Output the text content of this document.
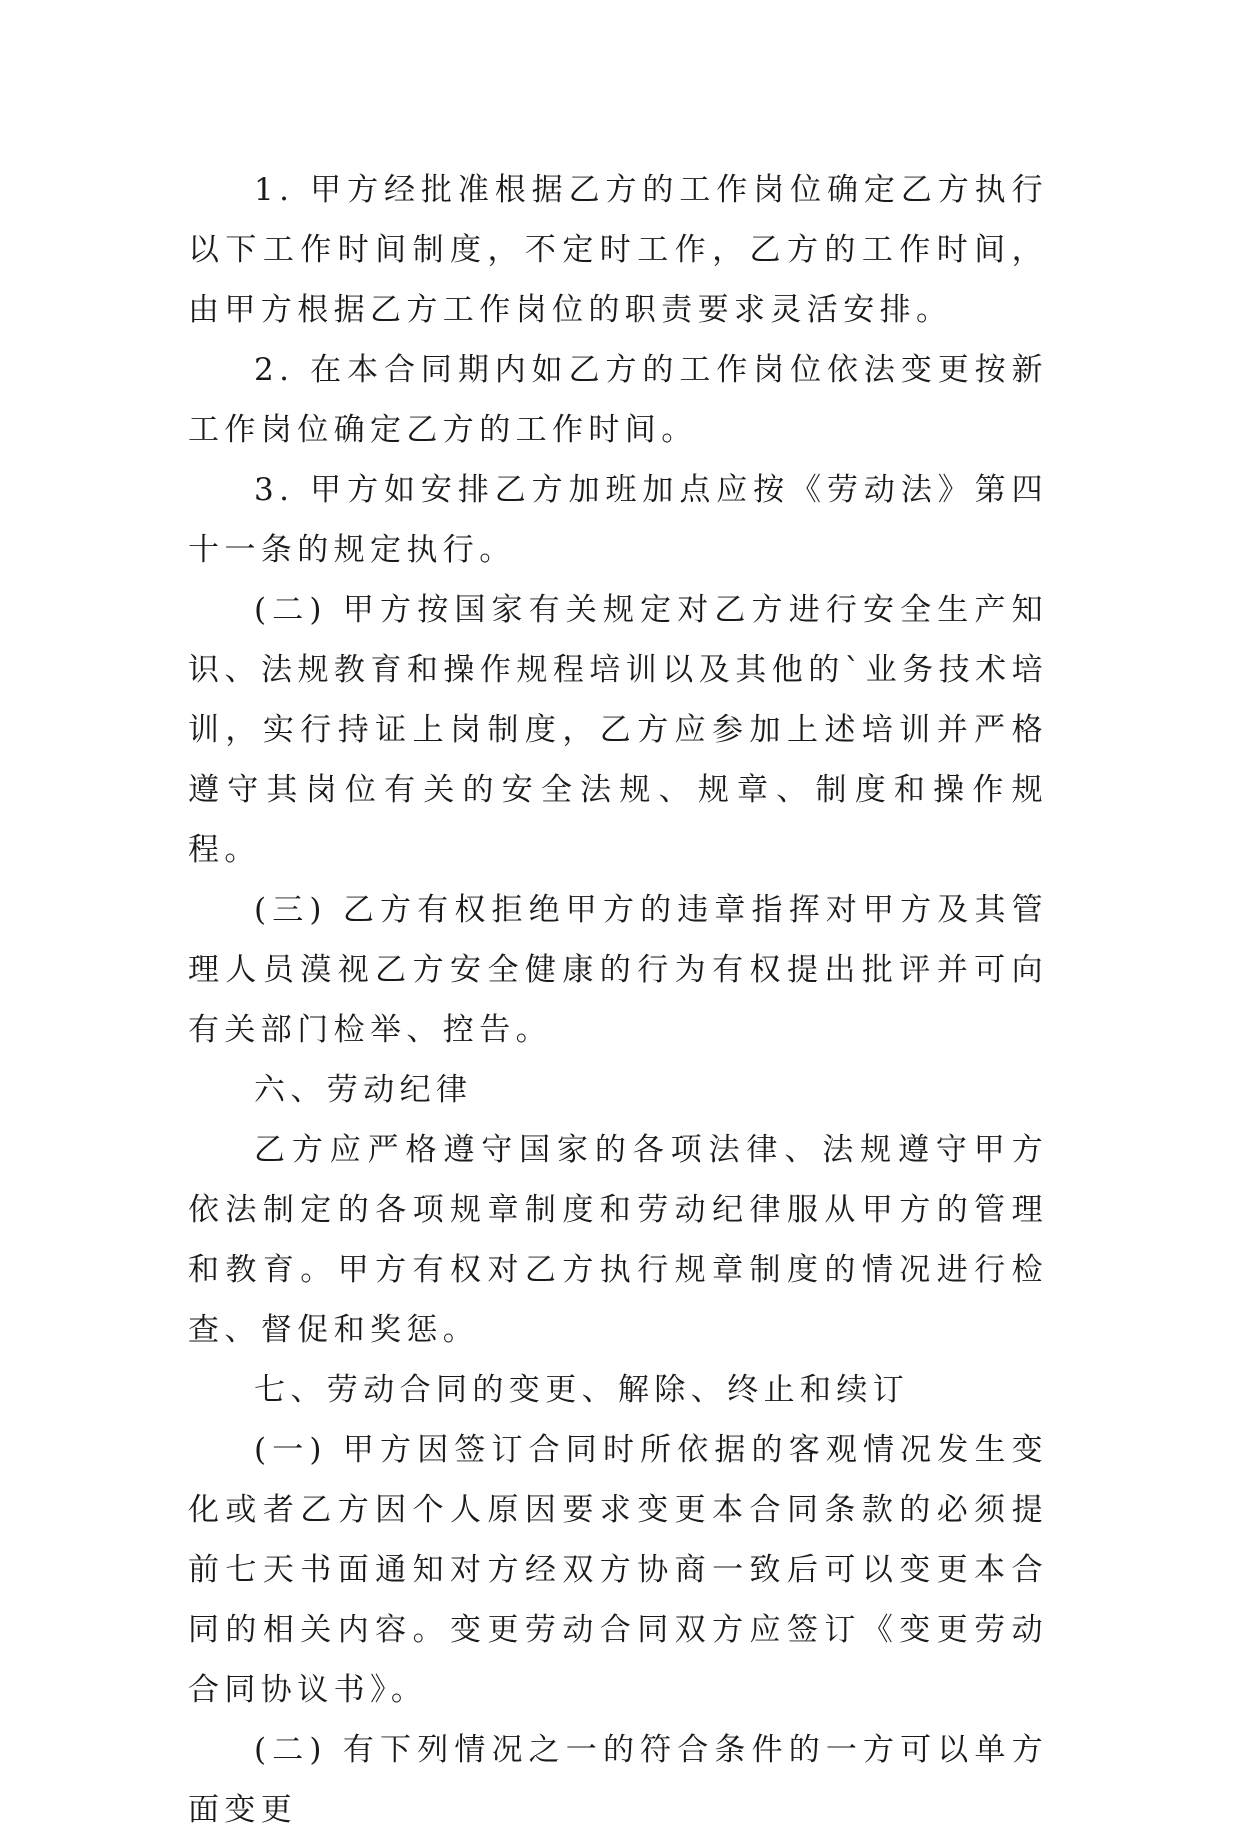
1. 甲方经批准根据乙方的工作岗位确定乙方执行以下工作时间制度，不定时工作，乙方的工作时间，由甲方根据乙方工作岗位的职责要求灵活安排。

2. 在本合同期内如乙方的工作岗位依法变更按新工作岗位确定乙方的工作时间。

3. 甲方如安排乙方加班加点应按《劳动法》第四十一条的规定执行。

(二) 甲方按国家有关规定对乙方进行安全生产知识、法规教育和操作规程培训以及其他的`业务技术培训，实行持证上岗制度，乙方应参加上述培训并严格遵守其岗位有关的安全法规、规章、制度和操作规程。

(三) 乙方有权拒绝甲方的违章指挥对甲方及其管理人员漠视乙方安全健康的行为有权提出批评并可向有关部门检举、控告。

六、劳动纪律

乙方应严格遵守国家的各项法律、法规遵守甲方依法制定的各项规章制度和劳动纪律服从甲方的管理和教育。甲方有权对乙方执行规章制度的情况进行检查、督促和奖惩。

七、劳动合同的变更、解除、终止和续订

(一) 甲方因签订合同时所依据的客观情况发生变化或者乙方因个人原因要求变更本合同条款的必须提前七天书面通知对方经双方协商一致后可以变更本合同的相关内容。变更劳动合同双方应签订《变更劳动合同协议书》。

(二) 有下列情况之一的符合条件的一方可以单方面变更
